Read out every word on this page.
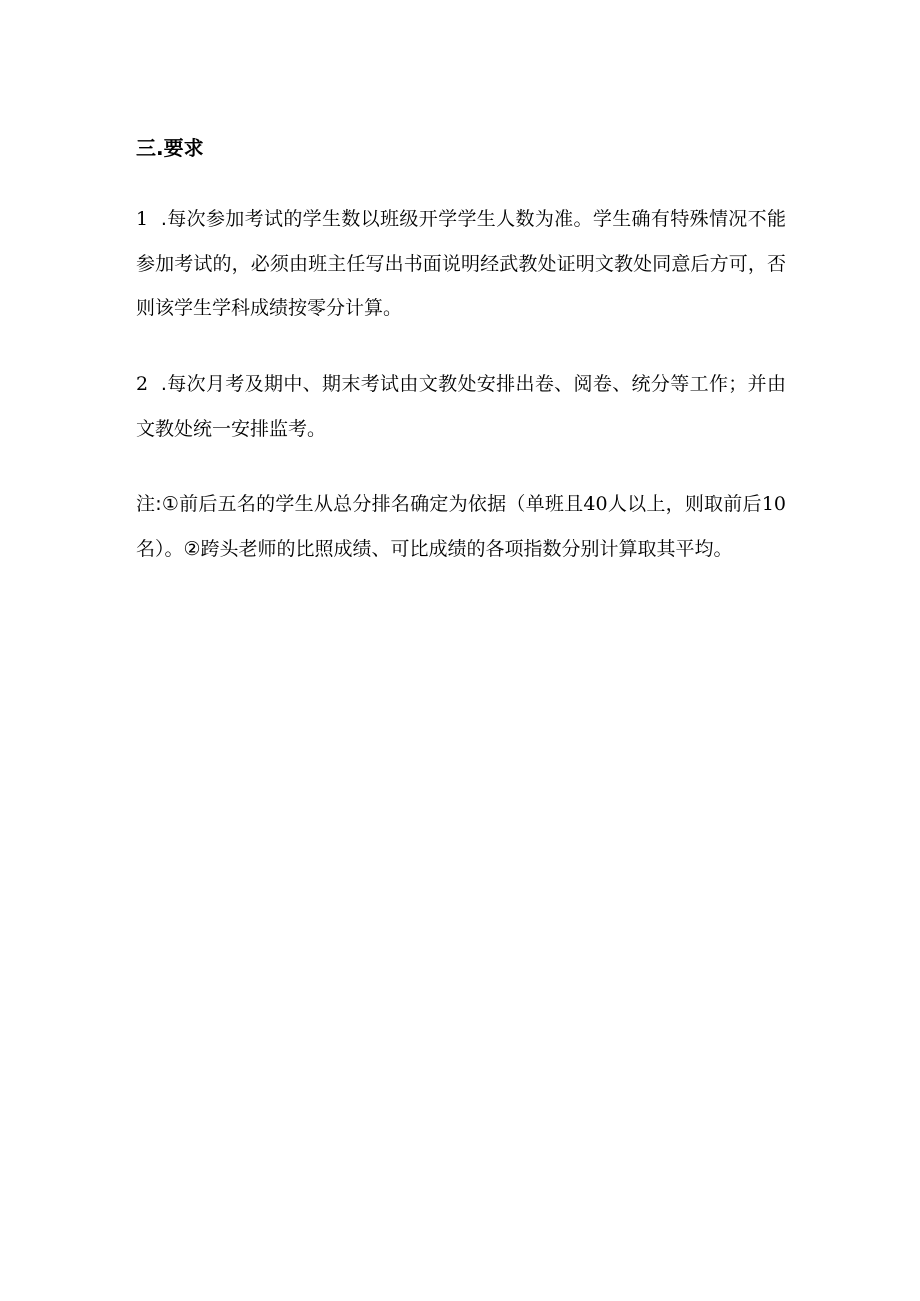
三.要求

1  .每次参加考试的学生数以班级开学学生人数为准。学生确有特殊情况不能参加考试的，必须由班主任写出书面说明经武教处证明文教处同意后方可，否则该学生学科成绩按零分计算。

2  .每次月考及期中、期末考试由文教处安排出卷、阅卷、统分等工作；并由文教处统一安排监考。

注:①前后五名的学生从总分排名确定为依据（单班且40人以上，则取前后10名）。②跨头老师的比照成绩、可比成绩的各项指数分别计算取其平均。
